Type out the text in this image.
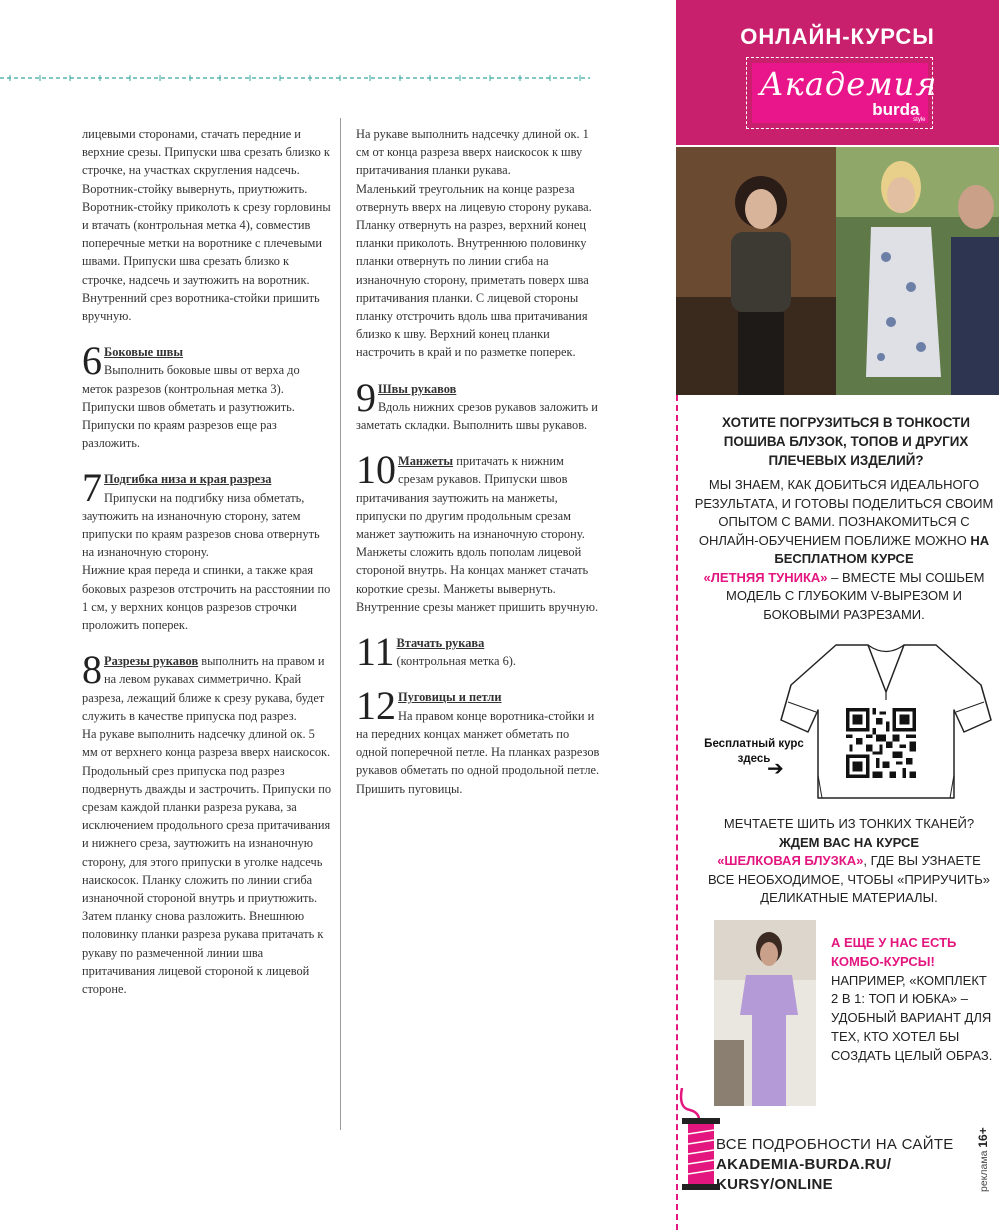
лицевыми сторонами, стачать передние и верхние срезы. Припуски шва срезать близко к строчке, на участках скругления надсечь. Воротник-стойку вывернуть, приутюжить. Воротник-стойку приколоть к срезу горловины и втачать (контрольная метка 4), совместив поперечные метки на воротнике с плечевыми швами. Припуски шва срезать близко к строчке, надсечь и заутюжить на воротник. Внутренний срез воротника-стойки пришить вручную.

6 Боковые швы
Выполнить боковые швы от верха до меток разрезов (контрольная метка 3). Припуски швов обметать и разутюжить. Припуски по краям разрезов еще раз разложить.
7 Подгибка низа и края разреза
Припуски на подгибку низа обметать, заутюжить на изнаночную сторону, затем припуски по краям разрезов снова отвернуть на изнаночную сторону.

Нижние края переда и спинки, а также края боковых разрезов отстрочить на расстоянии по 1 см, у верхних концов разрезов строчки проложить поперек.

8 Разрезы рукавов выполнить на правом и на левом рукавах симметрично. Край разреза, лежащий ближе к срезу рукава, будет служить в качестве припуска под разрез.

На рукаве выполнить надсечку длиной ок. 5 мм от верхнего конца разреза вверх наискосок. Продольный срез припуска под разрез подвернуть дважды и застрочить. Припуски по срезам каждой планки разреза рукава, за исключением продольного среза притачивания и нижнего среза, заутюжить на изнаночную сторону, для этого припуски в уголке надсечь наискосок. Планку сложить по линии сгиба изнаночной стороной внутрь и приутюжить.

Затем планку снова разложить. Внешнюю половинку планки разреза рукава притачать к рукаву по размеченной линии шва притачивания лицевой стороной к лицевой стороне.

На рукаве выполнить надсечку длиной ок. 1 см от конца разреза вверх наискосок к шву притачивания планки рукава.

Маленький треугольник на конце разреза отвернуть вверх на лицевую сторону рукава. Планку отвернуть на разрез, верхний конец планки приколоть. Внутреннюю половинку планки отвернуть по линии сгиба на изнаночную сторону, приметать поверх шва притачивания планки. С лицевой стороны планку отстрочить вдоль шва притачивания близко к шву. Верхний конец планки настрочить в край и по разметке поперек.

9 Швы рукавов
Вдоль нижних срезов рукавов заложить и заметать складки. Выполнить швы рукавов.
10 Манжеты притачать к нижним срезам рукавов. Припуски швов притачивания заутюжить на манжеты, припуски по другим продольным срезам манжет заутюжить на изнаночную сторону. Манжеты сложить вдоль пополам лицевой стороной внутрь. На концах манжет стачать короткие срезы. Манжеты вывернуть. Внутренние срезы манжет пришить вручную.
11 Втачать рукава
(контрольная метка 6).
12 Пуговицы и петли
На правом конце воротника-стойки и на передних концах манжет обметать по одной поперечной петле. На планках разрезов рукавов обметать по одной продольной петле.

Пришить пуговицы.

ОНЛАЙН-КУРСЫ
Академия
burda
style
ХОТИТЕ ПОГРУЗИТЬСЯ В ТОНКОСТИ ПОШИВА БЛУЗОК, ТОПОВ И ДРУГИХ ПЛЕЧЕВЫХ ИЗДЕЛИЙ?
МЫ ЗНАЕМ, КАК ДОБИТЬСЯ ИДЕАЛЬНОГО РЕЗУЛЬТАТА, И ГОТОВЫ ПОДЕЛИТЬСЯ СВОИМ ОПЫТОМ С ВАМИ. ПОЗНАКОМИТЬСЯ С ОНЛАЙН-ОБУЧЕНИЕМ ПОБЛИЖЕ МОЖНО НА БЕСПЛАТНОМ КУРСЕ
«ЛЕТНЯЯ ТУНИКА» – ВМЕСТЕ МЫ СОШЬЕМ МОДЕЛЬ С ГЛУБОКИМ V-ВЫРЕЗОМ И БОКОВЫМИ РАЗРЕЗАМИ.
Бесплатный курс здесь
➔
МЕЧТАЕТЕ ШИТЬ ИЗ ТОНКИХ ТКАНЕЙ?
ЖДЕМ ВАС НА КУРСЕ
«ШЕЛКОВАЯ БЛУЗКА», ГДЕ ВЫ УЗНАЕТЕ ВСЕ НЕОБХОДИМОЕ, ЧТОБЫ «ПРИРУЧИТЬ» ДЕЛИКАТНЫЕ МАТЕРИАЛЫ.
А ЕЩЕ У НАС ЕСТЬ КОМБО-КУРСЫ!
НАПРИМЕР, «КОМПЛЕКТ 2 В 1: ТОП И ЮБКА» – УДОБНЫЙ ВАРИАНТ ДЛЯ ТЕХ, КТО ХОТЕЛ БЫ СОЗДАТЬ ЦЕЛЫЙ ОБРАЗ.
ВСЕ ПОДРОБНОСТИ НА САЙТЕ
AKADEMIA-BURDA.RU/
KURSY/ONLINE	реклама 16+
